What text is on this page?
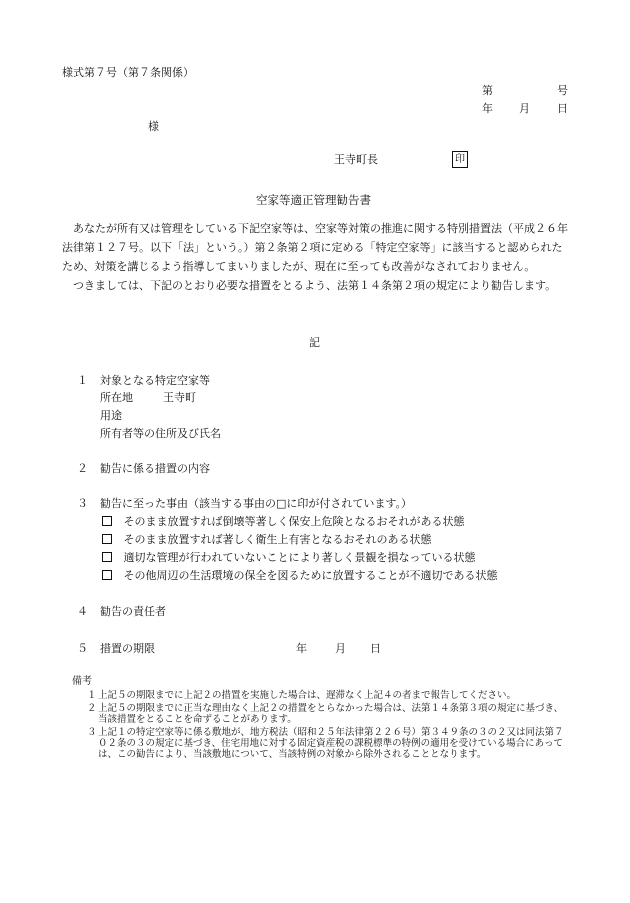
様式第７号（第７条関係）
第	号
年 月 日
様
王寺町長	印
空家等適正管理勧告書

あなたが所有又は管理をしている下記空家等は、空家等対策の推進に関する特別措置法（平成２６年法律第１２７号。以下「法」という。）第２条第２項に定める「特定空家等」に該当すると認められたため、対策を講じるよう指導してまいりましたが、現在に至っても改善がなされておりません。

つきましては、下記のとおり必要な措置をとるよう、法第１４条第２項の規定により勧告します。

記
１ 対象となる特定空家等
所在地	王寺町
用途
所有者等の住所及び氏名
２ 勧告に係る措置の内容
３ 勧告に至った事由（該当する事由の□に印が付されています。）
そのまま放置すれば倒壊等著しく保安上危険となるおそれがある状態
そのまま放置すれば著しく衛生上有害となるおそれのある状態
適切な管理が行われていないことにより著しく景観を損なっている状態
その他周辺の生活環境の保全を図るために放置することが不適切である状態
４ 勧告の責任者
５ 措置の期限	年	月 日
備考
１ 上記５の期限までに上記２の措置を実施した場合は、遅滞なく上記４の者まで報告してください。
２ 上記５の期限までに正当な理由なく上記２の措置をとらなかった場合は、法第１４条第３項の規定に基づき、当該措置をとることを命ずることがあります。
３ 上記１の特定空家等に係る敷地が、地方税法（昭和２５年法律第２２６号）第３４９条の３の２又は同法第７０２条の３の規定に基づき、住宅用地に対する固定資産税の課税標準の特例の適用を受けている場合にあっては、この勧告により、当該敷地について、当該特例の対象から除外されることとなります。
